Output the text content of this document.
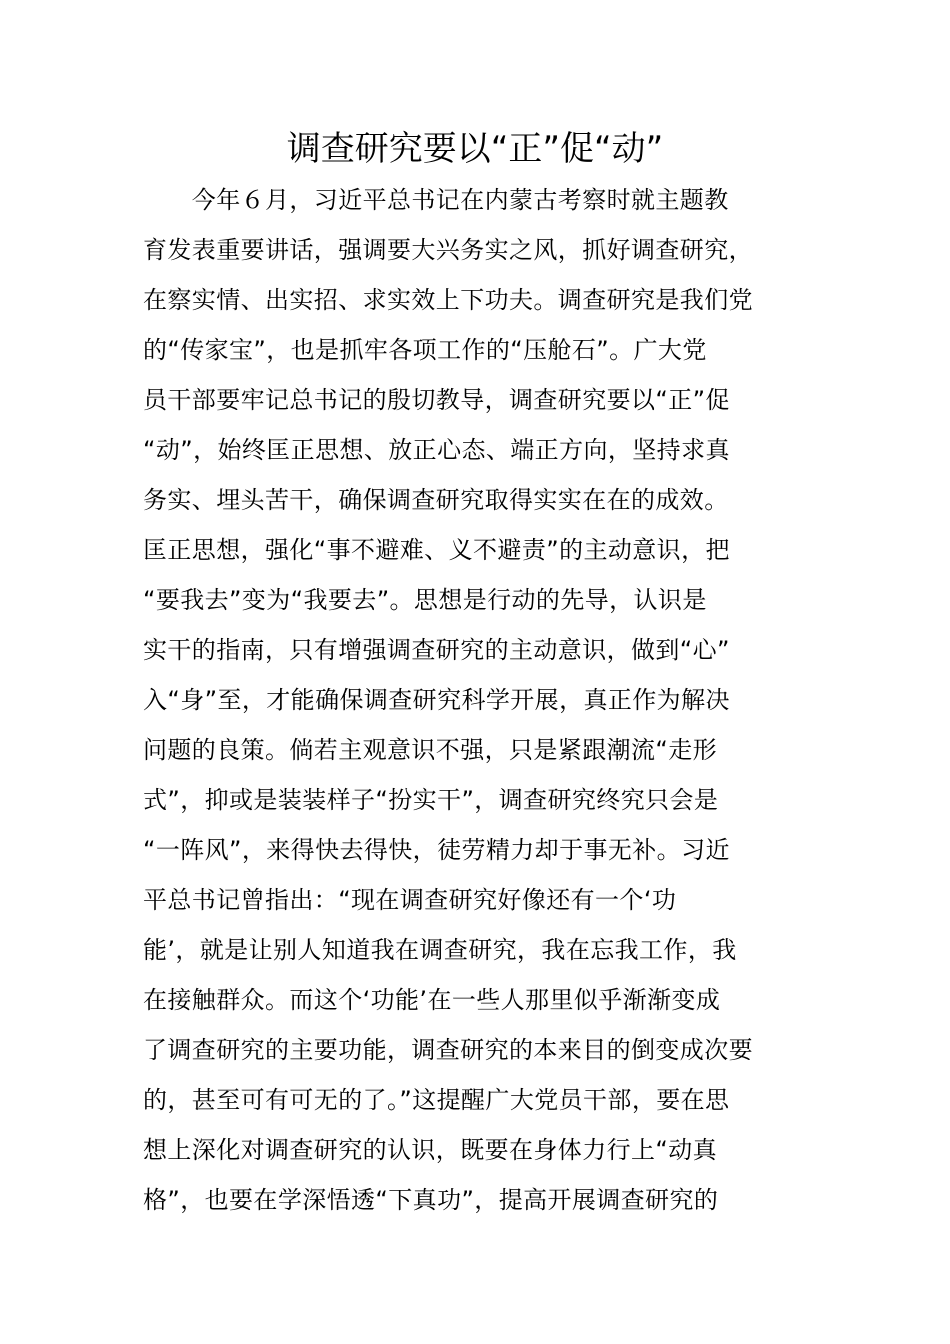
调查研究要以“正”促“动”
　　今年６月，习近平总书记在内蒙古考察时就主题教
育发表重要讲话，强调要大兴务实之风，抓好调查研究，
在察实情、出实招、求实效上下功夫。调查研究是我们党
的“传家宝”，也是抓牢各项工作的“压舱石”。广大党
员干部要牢记总书记的殷切教导，调查研究要以“正”促
“动”，始终匡正思想、放正心态、端正方向，坚持求真
务实、埋头苦干，确保调查研究取得实实在在的成效。
匡正思想，强化“事不避难、义不避责”的主动意识，把
“要我去”变为“我要去”。思想是行动的先导，认识是
实干的指南，只有增强调查研究的主动意识，做到“心”
入“身”至，才能确保调查研究科学开展，真正作为解决
问题的良策。倘若主观意识不强，只是紧跟潮流“走形
式”，抑或是装装样子“扮实干”，调查研究终究只会是
“一阵风”，来得快去得快，徒劳精力却于事无补。习近
平总书记曾指出：“现在调查研究好像还有一个‘功
能’，就是让别人知道我在调查研究，我在忘我工作，我
在接触群众。而这个‘功能’在一些人那里似乎渐渐变成
了调查研究的主要功能，调查研究的本来目的倒变成次要
的，甚至可有可无的了。”这提醒广大党员干部，要在思
想上深化对调查研究的认识，既要在身体力行上“动真
格”，也要在学深悟透“下真功”，提高开展调查研究的
